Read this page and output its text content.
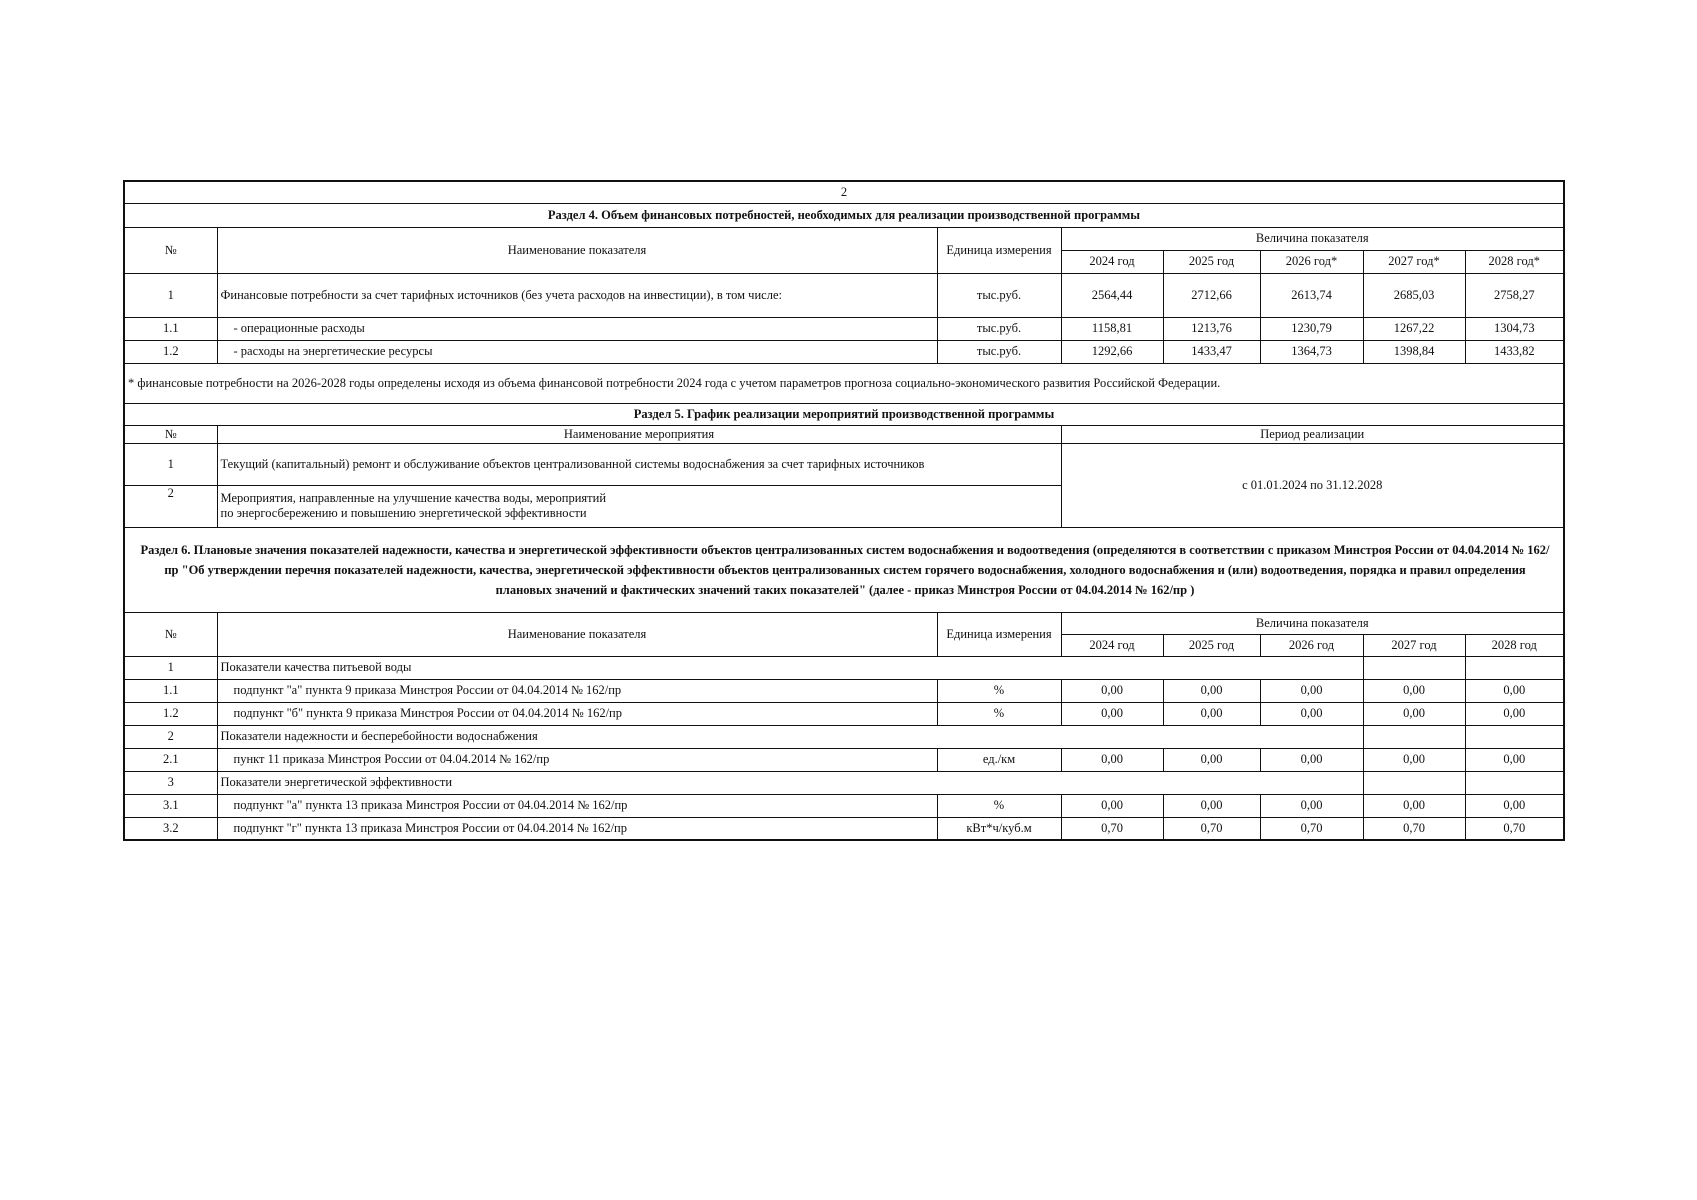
2							
Раздел 4. Объем финансовых потребностей, необходимых для реализации производственной программы							
№	Наименование показателя	Единица измерения	Величина показателя				
			2024 год	2025 год	2026 год*	2027 год*	2028 год*
1	Финансовые потребности за счет тарифных источников (без учета расходов на инвестиции), в том числе:	тыс.руб.	2564,44	2712,66	2613,74	2685,03	2758,27
1.1	- операционные расходы	тыс.руб.	1158,81	1213,76	1230,79	1267,22	1304,73
1.2	- расходы на энергетические ресурсы	тыс.руб.	1292,66	1433,47	1364,73	1398,84	1433,82
* финансовые потребности на 2026-2028 годы определены исходя из объема финансовой потребности 2024 года с учетом параметров прогноза социально-экономического развития Российской Федерации.							
Раздел 5. График реализации мероприятий производственной программы							
№	Наименование мероприятия		Период реализации				
1	Текущий (капитальный) ремонт и обслуживание объектов централизованной системы водоснабжения за счет тарифных источников		с 01.01.2024 по 31.12.2028				
2	Мероприятия, направленные на улучшение качества воды, мероприятий
по энергосбережению и повышению энергетической эффективности						

Раздел 6. Плановые значения показателей надежности, качества и энергетической эффективности объектов централизованных систем водоснабжения и водоотведения (определяются в соответствии с приказом Минстроя России от 04.04.2014 № 162/пр "Об утверждении перечня показателей надежности, качества, энергетической эффективности объектов централизованных систем горячего водоснабжения, холодного водоснабжения и (или) водоотведения, порядка и правил определения плановых значений и фактических значений таких показателей" (далее - приказ Минстроя России от 04.04.2014 № 162/пр )							
№	Наименование показателя	Единица измерения	Величина показателя				
			2024 год	2025 год	2026 год	2027 год	2028 год
1	Показатели качества питьевой воды						
1.1	подпункт "а" пункта 9 приказа Минстроя России от 04.04.2014 № 162/пр	%	0,00	0,00	0,00	0,00	0,00
1.2	подпункт "б" пункта 9 приказа Минстроя России от 04.04.2014 № 162/пр	%	0,00	0,00	0,00	0,00	0,00
2	Показатели надежности и бесперебойности водоснабжения						
2.1	пункт 11 приказа Минстроя России от 04.04.2014 № 162/пр	ед./км	0,00	0,00	0,00	0,00	0,00
3	Показатели энергетической эффективности						
3.1	подпункт "а" пункта 13 приказа Минстроя России от 04.04.2014 № 162/пр	%	0,00	0,00	0,00	0,00	0,00
3.2	подпункт "г" пункта 13 приказа Минстроя России от 04.04.2014 № 162/пр	кВт*ч/куб.м	0,70	0,70	0,70	0,70	0,70
